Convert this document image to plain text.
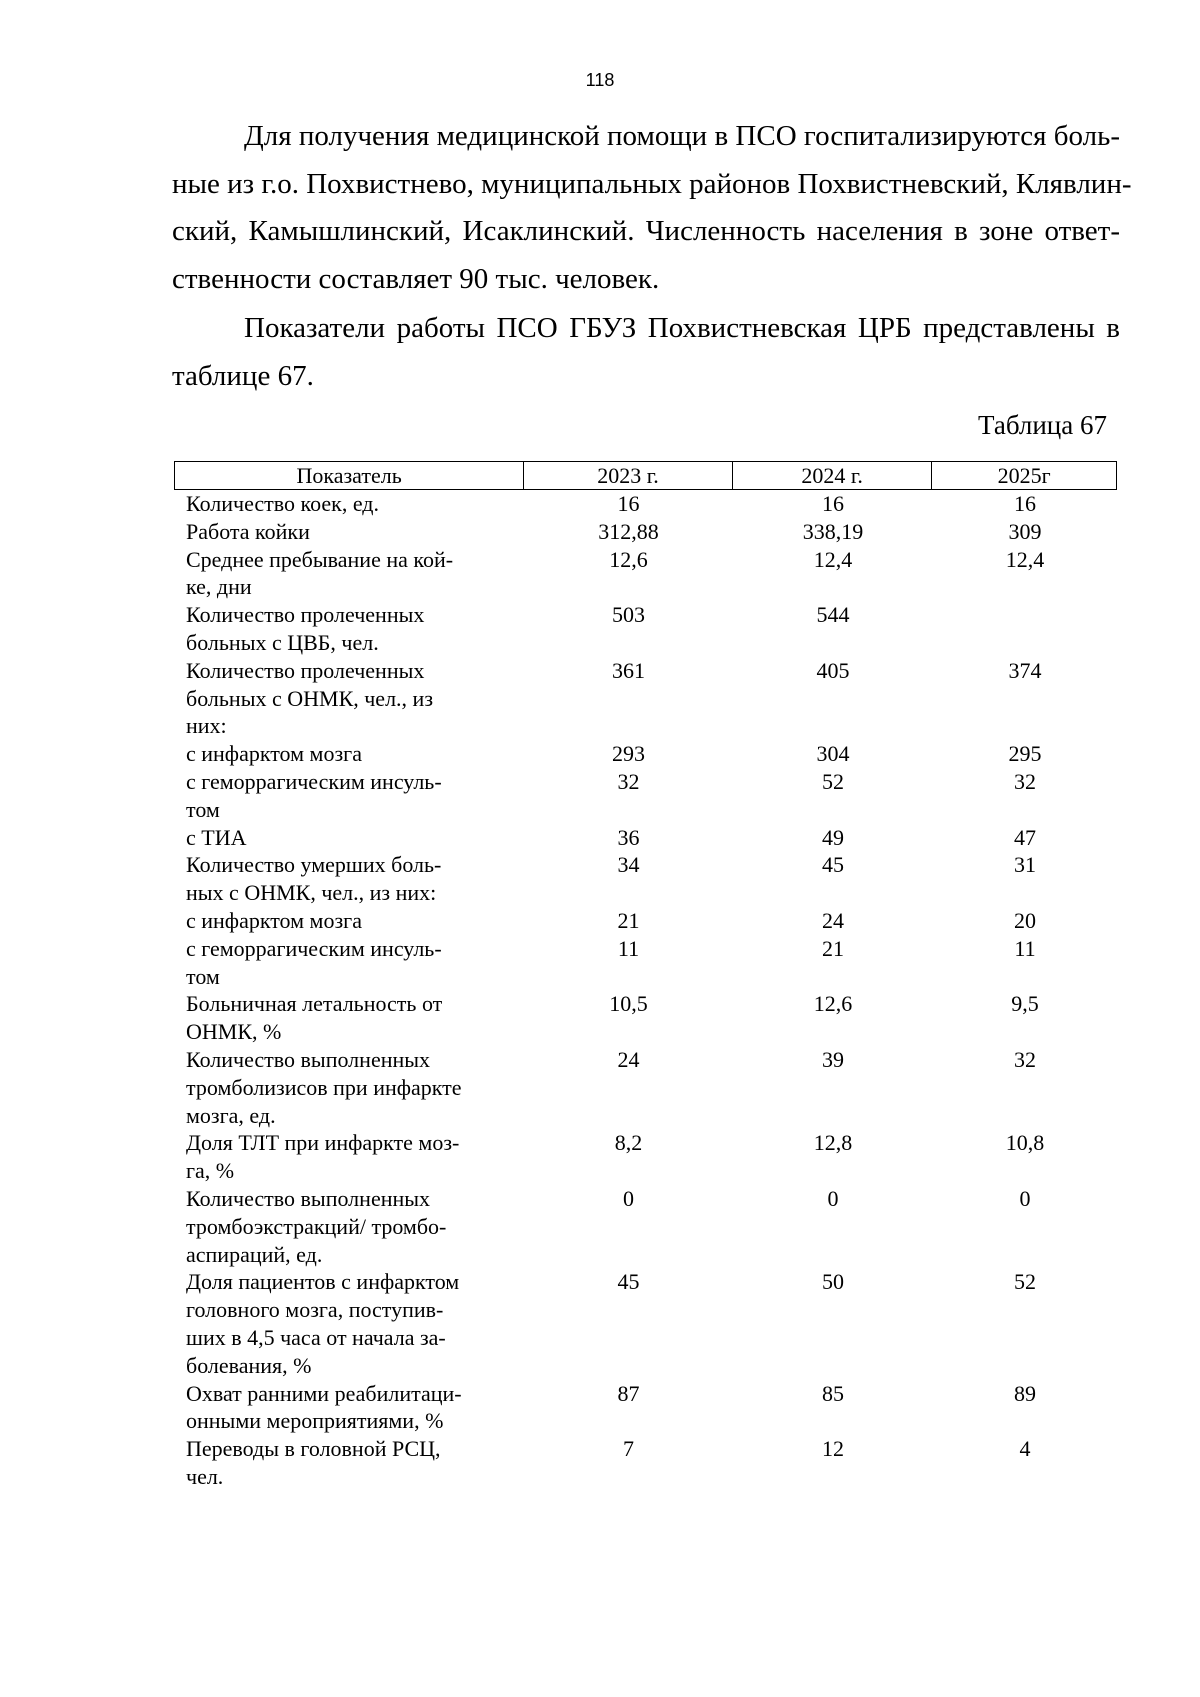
118
Для получения медицинской помощи в ПСО госпитализируются боль-
ные из г.о. Похвистнево, муниципальных районов Похвистневский, Клявлин-
ский, Камышлинский, Исаклинский. Численность населения в зоне ответ-
ственности составляет 90 тыс. человек.
Показатели работы ПСО ГБУЗ Похвистневская ЦРБ представлены в
таблице 67.
Таблица 67
Показатель	2023 г.	2024 г.	2025г
Количество коек, ед.	16	16	16
Работа койки	312,88	338,19	309
Среднее пребывание на кой-
ке, дни
12,6	12,4	12,4
Количество пролеченных
больных с ЦВБ, чел.
503	544
Количество пролеченных
больных с ОНМК, чел., из
них:
361	405	374
с инфарктом мозга	293	304	295
с геморрагическим инсуль-
том
32	52	32
с ТИА	36	49	47
Количество умерших боль-
ных с ОНМК, чел., из них:
34	45	31
с инфарктом мозга	21	24	20
с геморрагическим инсуль-
том
11	21	11
Больничная летальность от
ОНМК, %
10,5	12,6	9,5
Количество выполненных
тромболизисов при инфаркте
мозга, ед.
24	39	32
Доля ТЛТ при инфаркте моз-
га, %
8,2	12,8	10,8
Количество выполненных
тромбоэкстракций/ тромбо-
аспираций, ед.
0	0	0
Доля пациентов с инфарктом
головного мозга, поступив-
ших в 4,5 часа от начала за-
болевания, %
45	50	52
Охват ранними реабилитаци-
онными мероприятиями, %
87	85	89
Переводы в головной РСЦ,
чел.
7	12	4
